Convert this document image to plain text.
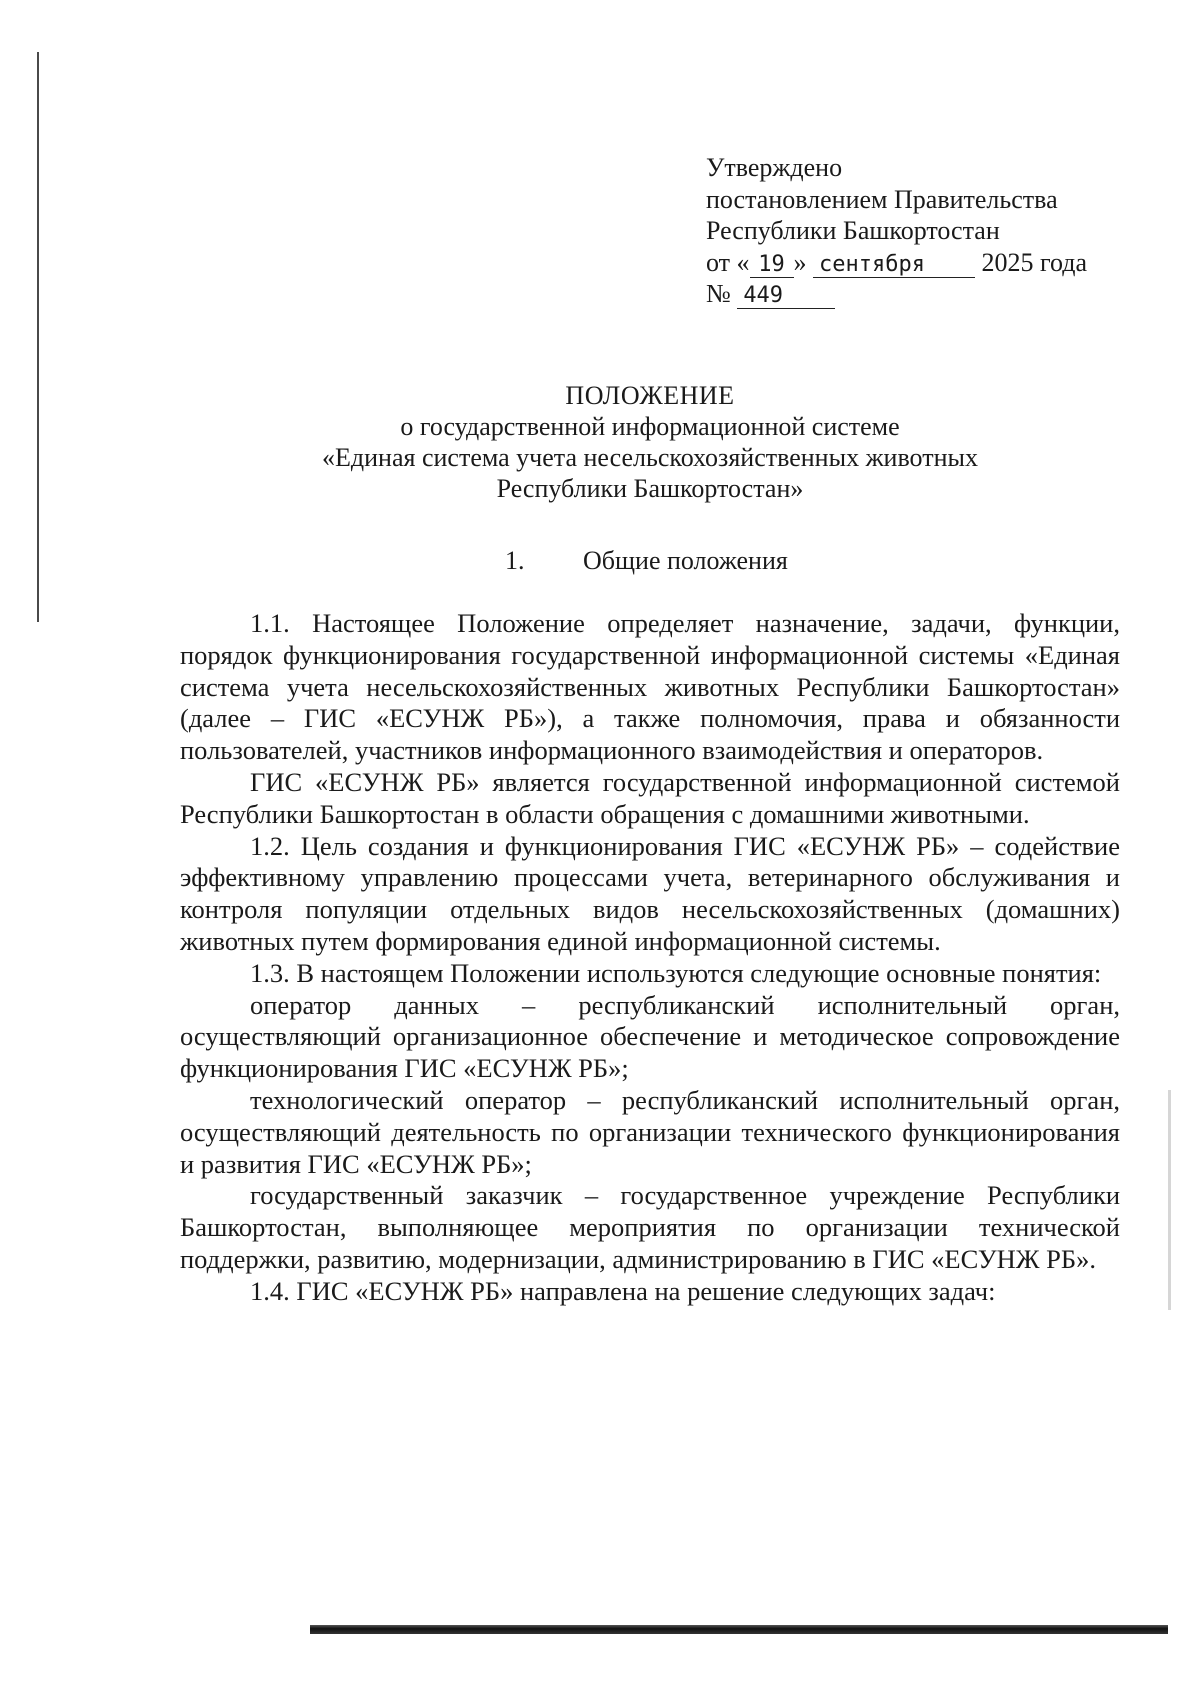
Утверждено
постановлением Правительства
Республики Башкортостан
от « 19 » сентября 2025 года
№ 449
ПОЛОЖЕНИЕ
о государственной информационной системе
«Единая система учета несельскохозяйственных животных
Республики Башкортостан»
1. Общие положения

1.1. Настоящее Положение определяет назначение, задачи, функции, порядок функционирования государственной информационной системы «Единая система учета несельскохозяйственных животных Республики Башкортостан» (далее – ГИС «ЕСУНЖ РБ»), а также полномочия, права и обязанности пользователей, участников информационного взаимодействия и операторов.

ГИС «ЕСУНЖ РБ» является государственной информационной системой Республики Башкортостан в области обращения с домашними животными.

1.2. Цель создания и функционирования ГИС «ЕСУНЖ РБ» – содействие эффективному управлению процессами учета, ветеринарного обслуживания и контроля популяции отдельных видов несельскохозяйственных (домашних) животных путем формирования единой информационной системы.

1.3. В настоящем Положении используются следующие основные понятия:

оператор данных – республиканский исполнительный орган, осуществляющий организационное обеспечение и методическое сопровождение функционирования ГИС «ЕСУНЖ РБ»;

технологический оператор – республиканский исполнительный орган, осуществляющий деятельность по организации технического функционирования и развития ГИС «ЕСУНЖ РБ»;

государственный заказчик – государственное учреждение Республики Башкортостан, выполняющее мероприятия по организации технической поддержки, развитию, модернизации, администрированию в ГИС «ЕСУНЖ РБ».

1.4. ГИС «ЕСУНЖ РБ» направлена на решение следующих задач:
